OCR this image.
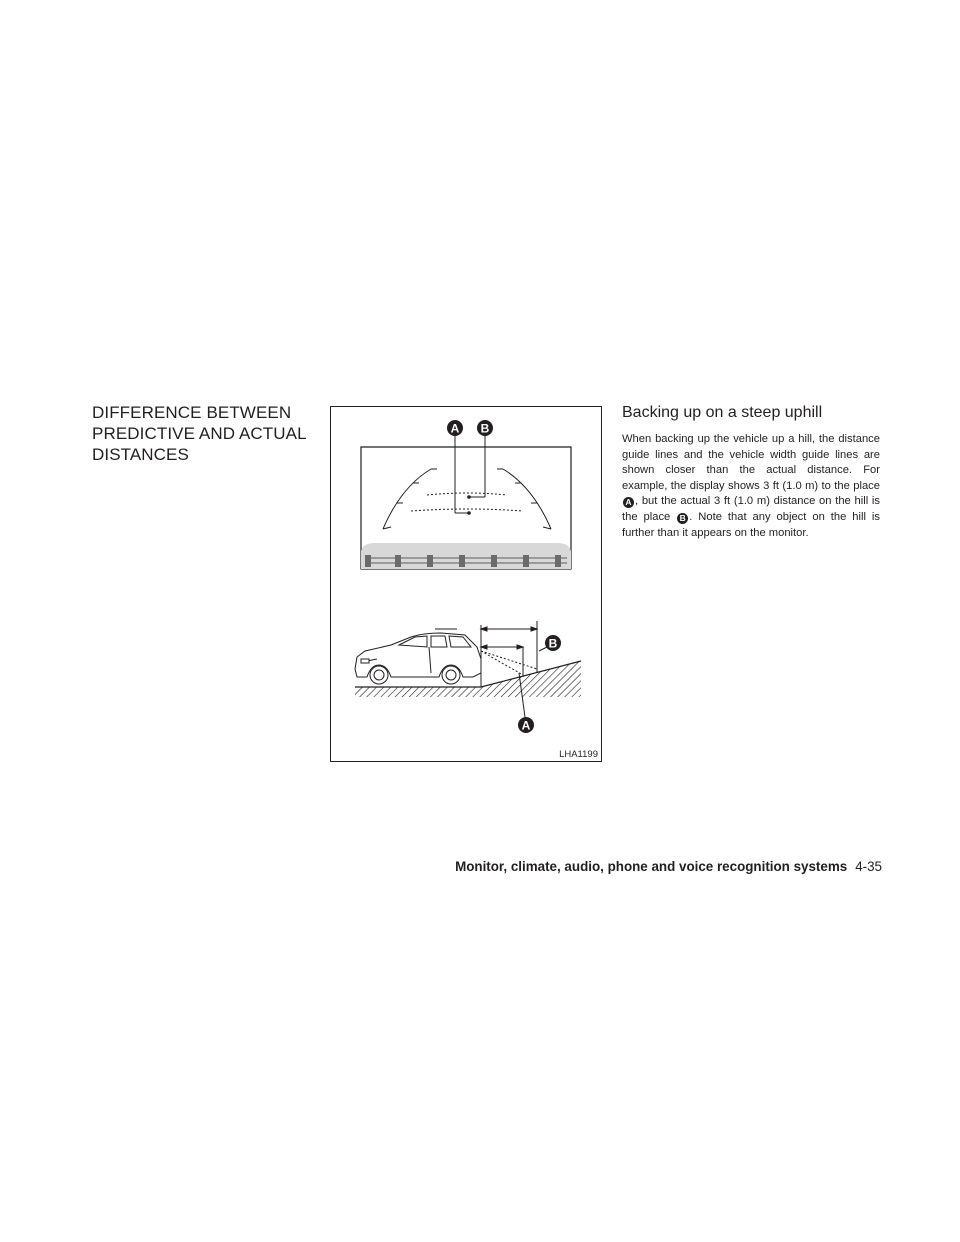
DIFFERENCE BETWEEN
PREDICTIVE AND ACTUAL
DISTANCES
A B
B
A
LHA1199
Backing up on a steep uphill

When backing up the vehicle up a hill, the distance guide lines and the vehicle width guide lines are shown closer than the actual distance. For example, the display shows 3 ft (1.0 m) to the place A , but the actual 3 ft (1.0 m) distance on the hill is the place B . Note that any object on the hill is further than it appears on the monitor.

Monitor, climate, audio, phone and voice recognition systems 4-35
